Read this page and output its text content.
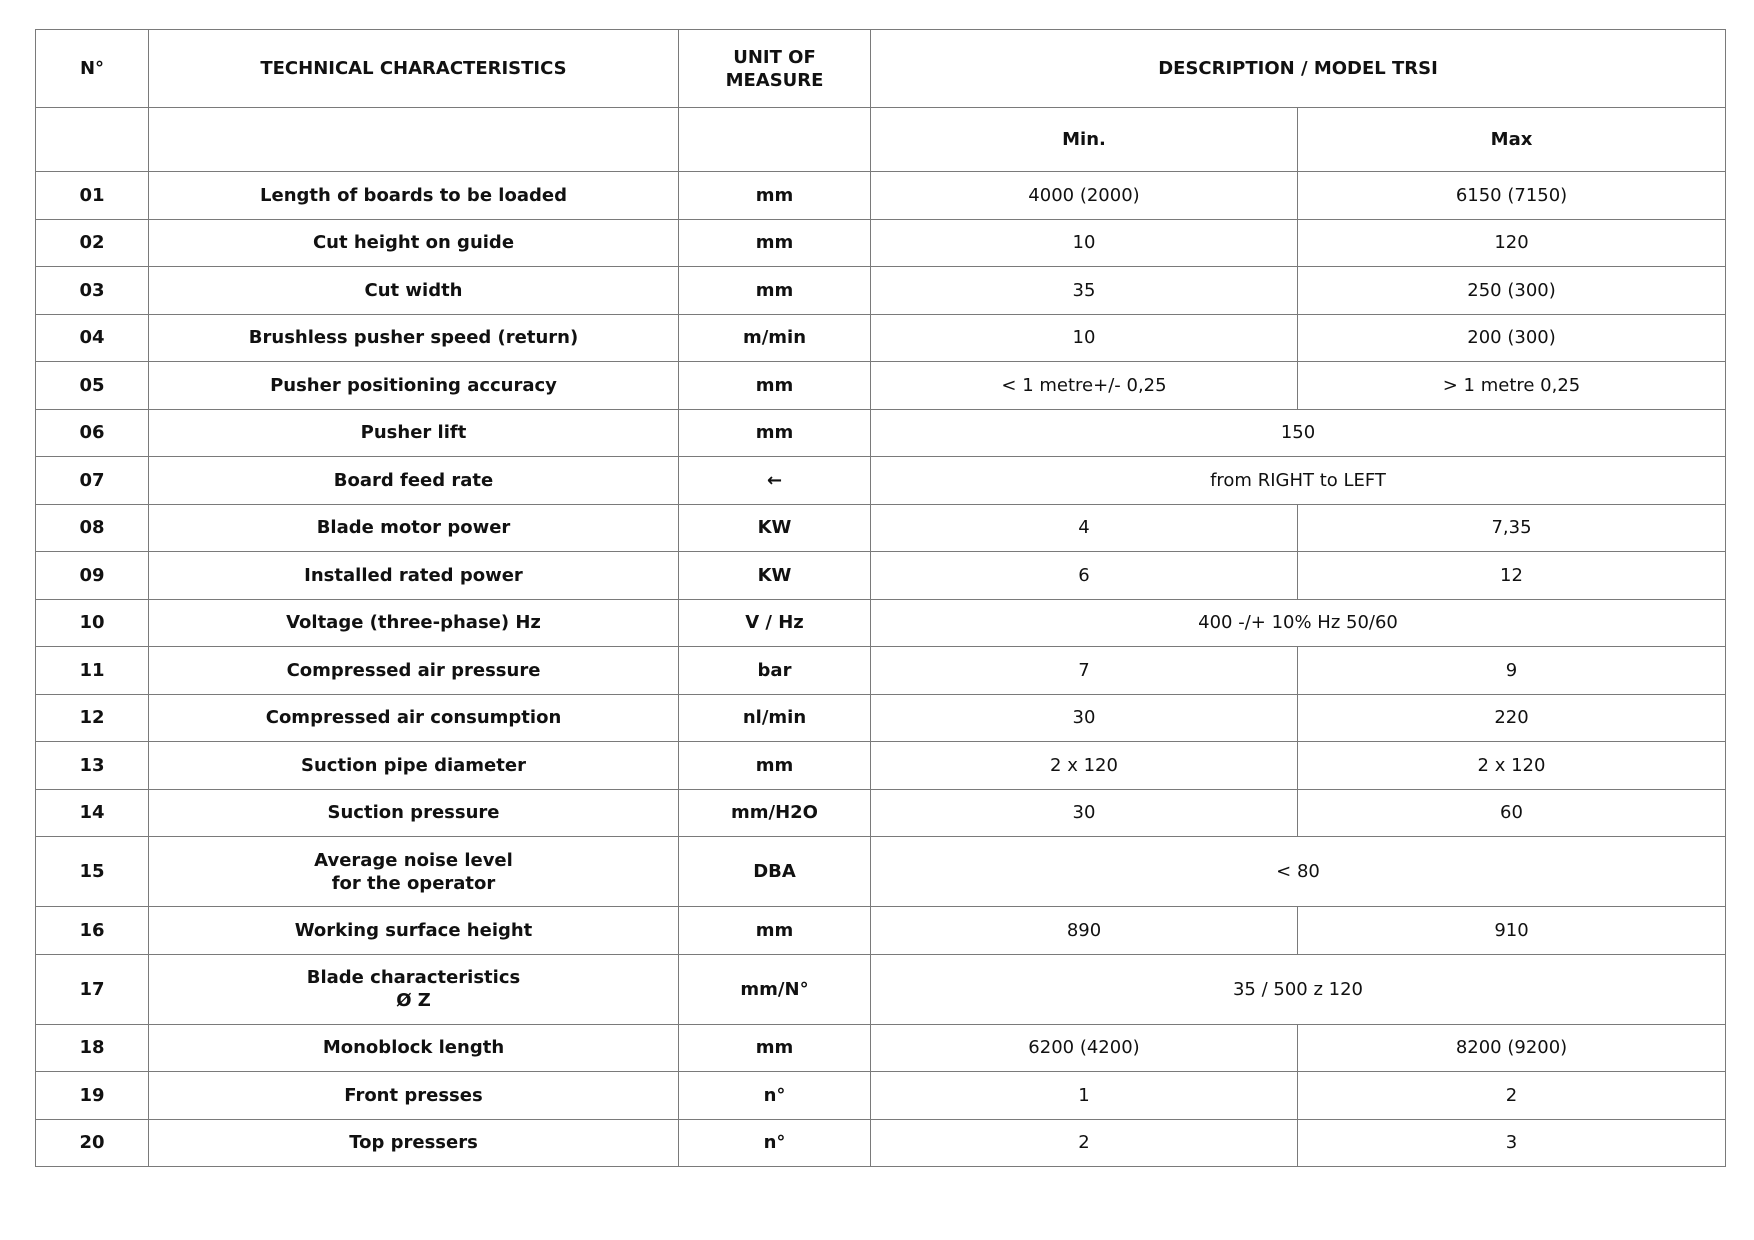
N°	TECHNICAL CHARACTERISTICS	UNIT OF MEASURE	DESCRIPTION / MODEL TRSI	
			Min.	Max

01	Length of boards to be loaded	mm	4000 (2000)	6150 (7150)

02	Cut height on guide	mm	10	120

03	Cut width	mm	35	250 (300)

04	Brushless pusher speed (return)	m/min	10	200 (300)

05	Pusher positioning accuracy	mm	< 1 metre+/- 0,25	> 1 metre 0,25

06	Pusher lift	mm	150	

07	Board feed rate	←	from RIGHT to LEFT	

08	Blade motor power	KW	4	7,35

09	Installed rated power	KW	6	12

10	Voltage (three-phase) Hz	V / Hz	400 -/+ 10% Hz 50/60	

11	Compressed air pressure	bar	7	9

12	Compressed air consumption	nl/min	30	220

13	Suction pipe diameter	mm	2 x 120	2 x 120

14	Suction pressure	mm/H2O	30	60

15	Average noise level
for the operator	DBA	< 80	

16	Working surface height	mm	890	910

17	Blade characteristics
Ø Z	mm/N°	35 / 500 z 120	

18	Monoblock length	mm	6200 (4200)	8200 (9200)

19	Front presses	n°	1	2

20	Top pressers	n°	2	3
